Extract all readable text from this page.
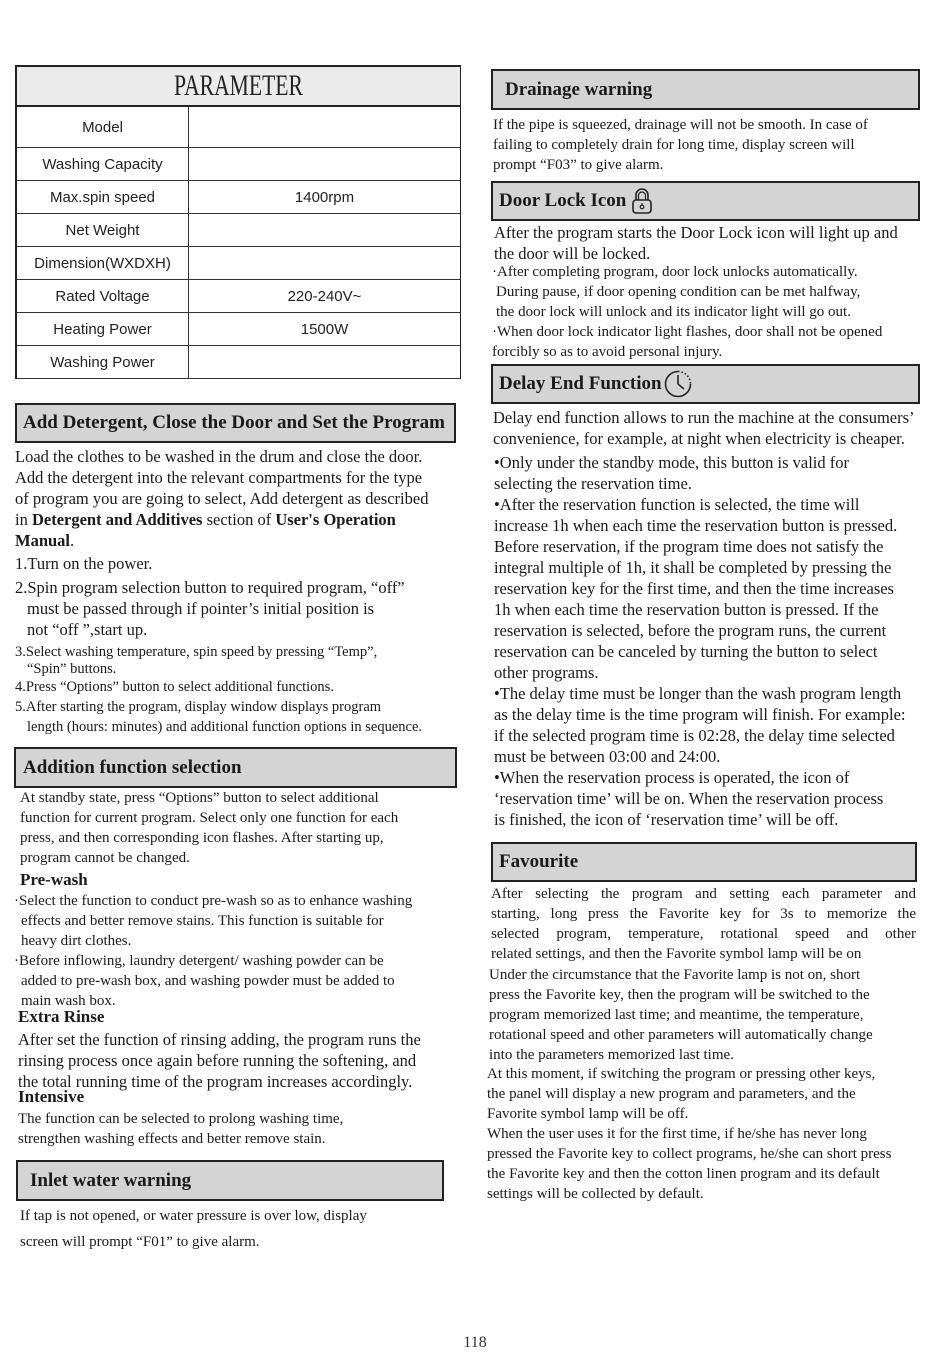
PARAMETER
Model	
Washing Capacity	
Max.spin speed	1400rpm
Net Weight	
Dimension(WXDXH)	
Rated Voltage	220-240V~
Heating Power	1500W
Washing Power	
Add Detergent, Close the Door and Set the Program
Load the clothes to be washed in the drum and close the door.
Add the detergent into the relevant compartments for the type
of program you are going to select, Add detergent as described
in Detergent and Additives section of User's Operation
Manual.
1.Turn on the power.
2.Spin program selection button to required program, “off”
must be passed through if pointer’s initial position is
not “off ”,start up.
3.Select washing temperature, spin speed by pressing “Temp”,
“Spin” buttons.
4.Press “Options” button to select additional functions.
5.After starting the program, display window displays program
length (hours: minutes) and additional function options in sequence.
Addition function selection
At standby state, press “Options” button to select additional
function for current program. Select only one function for each
press, and then corresponding icon flashes. After starting up,
program cannot be changed.
Pre-wash
·Select the function to conduct pre-wash so as to enhance washing
effects and better remove stains. This function is suitable for
heavy dirt clothes.
·Before inflowing, laundry detergent/ washing powder can be
added to pre-wash box, and washing powder must be added to
main wash box.
Extra Rinse
After set the function of rinsing adding, the program runs the
rinsing process once again before running the softening, and
the total running time of the program increases accordingly.
Intensive
The function can be selected to prolong washing time,
strengthen washing effects and better remove stain.
Inlet water warning
If tap is not opened, or water pressure is over low, display
screen will prompt “F01” to give alarm.
Drainage warning
If the pipe is squeezed, drainage will not be smooth. In case of
failing to completely drain for long time, display screen will
prompt “F03” to give alarm.
Door Lock Icon
After the program starts the Door Lock icon will light up and
the door will be locked.
·After completing program, door lock unlocks automatically.
During pause, if door opening condition can be met halfway,
the door lock will unlock and its indicator light will go out.
·When door lock indicator light flashes, door shall not be opened
forcibly so as to avoid personal injury.
Delay End Function
Delay end function allows to run the machine at the consumers’
convenience, for example, at night when electricity is cheaper.
•Only under the standby mode, this button is valid for
selecting the reservation time.
•After the reservation function is selected, the time will
increase 1h when each time the reservation button is pressed.
Before reservation, if the program time does not satisfy the
integral multiple of 1h, it shall be completed by pressing the
reservation key for the first time, and then the time increases
1h when each time the reservation button is pressed. If the
reservation is selected, before the program runs, the current
reservation can be canceled by turning the button to select
other programs.
•The delay time must be longer than the wash program length
as the delay time is the time program will finish. For example:
if the selected program time is 02:28, the delay time selected
must be between 03:00 and 24:00.
•When the reservation process is operated, the icon of
‘reservation time’ will be on. When the reservation process
is finished, the icon of ‘reservation time’ will be off.
Favourite
After selecting the program and setting each parameter and
starting, long press the Favorite key for 3s to memorize the
selected program, temperature, rotational speed and other
related settings, and then the Favorite symbol lamp will be on
Under the circumstance that the Favorite lamp is not on, short
press the Favorite key, then the program will be switched to the
program memorized last time; and meantime, the temperature,
rotational speed and other parameters will automatically change
into the parameters memorized last time.
At this moment, if switching the program or pressing other keys,
the panel will display a new program and parameters, and the
Favorite symbol lamp will be off.
When the user uses it for the first time, if he/she has never long
pressed the Favorite key to collect programs, he/she can short press
the Favorite key and then the cotton linen program and its default
settings will be collected by default.
118
